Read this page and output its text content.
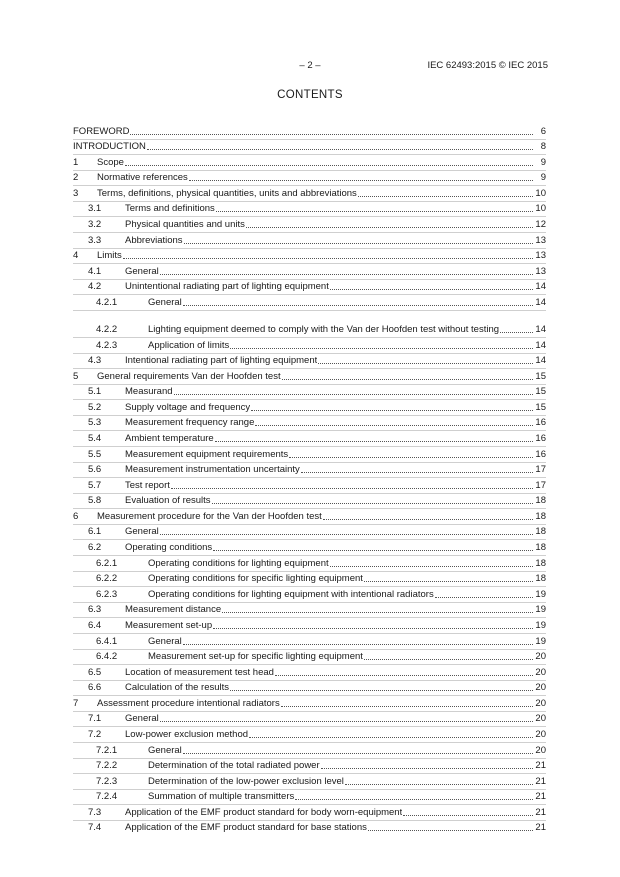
– 2 –	IEC 62493:2015 © IEC 2015
CONTENTS
FOREWORD	6
INTRODUCTION	8
1	Scope	9
2	Normative references	9
3	Terms, definitions, physical quantities, units and abbreviations	10
3.1	Terms and definitions	10
3.2	Physical quantities and units	12
3.3	Abbreviations	13
4	Limits	13
4.1	General	13
4.2	Unintentional radiating part of lighting equipment	14
4.2.1	General	14
4.2.2	Lighting equipment deemed to comply with the Van der Hoofden test without testing	14
4.2.3	Application of limits	14
4.3	Intentional radiating part of lighting equipment	14
5	General requirements Van der Hoofden test	15
5.1	Measurand	15
5.2	Supply voltage and frequency	15
5.3	Measurement frequency range	16
5.4	Ambient temperature	16
5.5	Measurement equipment requirements	16
5.6	Measurement instrumentation uncertainty	17
5.7	Test report	17
5.8	Evaluation of results	18
6	Measurement procedure for the Van der Hoofden test	18
6.1	General	18
6.2	Operating conditions	18
6.2.1	Operating conditions for lighting equipment	18
6.2.2	Operating conditions for specific lighting equipment	18
6.2.3	Operating conditions for lighting equipment with intentional radiators	19
6.3	Measurement distance	19
6.4	Measurement set-up	19
6.4.1	General	19
6.4.2	Measurement set-up for specific lighting equipment	20
6.5	Location of measurement test head	20
6.6	Calculation of the results	20
7	Assessment procedure intentional radiators	20
7.1	General	20
7.2	Low-power exclusion method	20
7.2.1	General	20
7.2.2	Determination of the total radiated power	21
7.2.3	Determination of the low-power exclusion level	21
7.2.4	Summation of multiple transmitters	21
7.3	Application of the EMF product standard for body worn-equipment	21
7.4	Application of the EMF product standard for base stations	21
